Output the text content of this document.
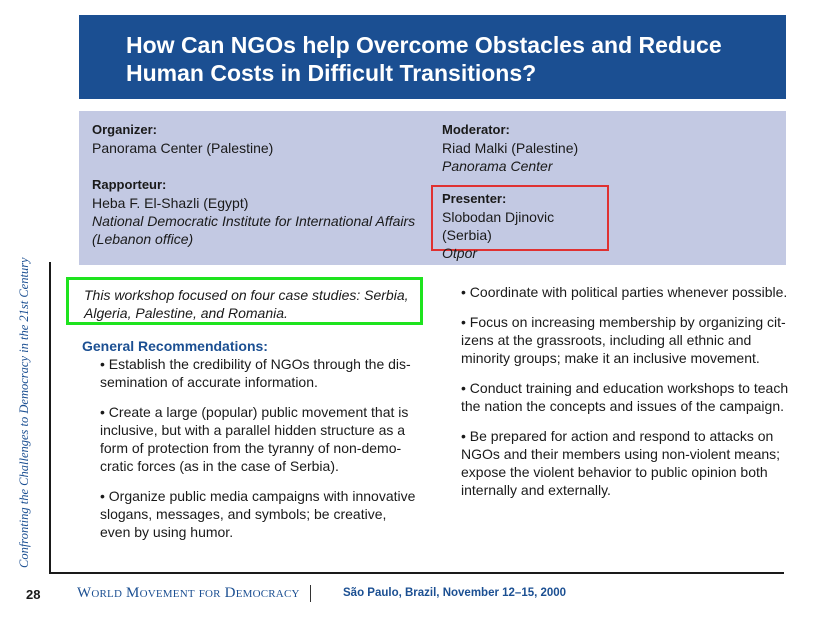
How Can NGOs help Overcome Obstacles and Reduce
Human Costs in Difficult Transitions?
Organizer:
Panorama Center (Palestine)
Rapporteur:
Heba F. El-Shazli (Egypt)
National Democratic Institute for International Affairs
(Lebanon office)
Moderator:
Riad Malki (Palestine)
Panorama Center
Presenter:
Slobodan Djinovic (Serbia)
Otpor
Confronting the Challenges to Democracy in the 21st Century	This workshop focused on four case studies: Serbia, Algeria, Palestine, and Romania.
General Recommendations:

• Establish the credibility of NGOs through the dis-semination of accurate information.

• Create a large (popular) public movement that is inclusive, but with a parallel hidden structure as a form of protection from the tyranny of non-demo-cratic forces (as in the case of Serbia).

• Organize public media campaigns with innovative slogans, messages, and symbols; be creative, even by using humor.

• Coordinate with political parties whenever possible.

• Focus on increasing membership by organizing cit-izens at the grassroots, including all ethnic and minority groups; make it an inclusive movement.

• Conduct training and education workshops to teach the nation the concepts and issues of the campaign.

• Be prepared for action and respond to attacks on NGOs and their members using non-violent means; expose the violent behavior to public opinion both internally and externally.

28 World Movement for Democracy	São Paulo, Brazil, November 12–15, 2000
